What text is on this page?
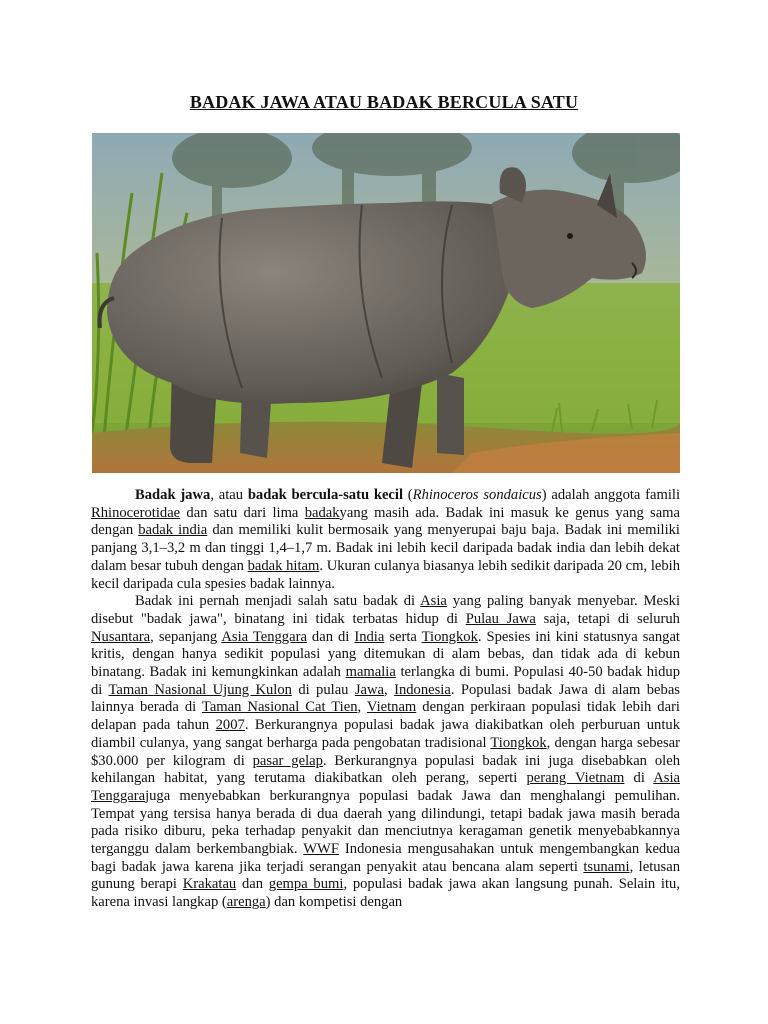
BADAK JAWA ATAU BADAK BERCULA SATU

Badak jawa, atau badak bercula-satu kecil (Rhinoceros sondaicus) adalah anggota famili Rhinocerotidae dan satu dari lima badakyang masih ada. Badak ini masuk ke genus yang sama dengan badak india dan memiliki kulit bermosaik yang menyerupai baju baja. Badak ini memiliki panjang 3,1–3,2 m dan tinggi 1,4–1,7 m. Badak ini lebih kecil daripada badak india dan lebih dekat dalam besar tubuh dengan badak hitam. Ukuran culanya biasanya lebih sedikit daripada 20 cm, lebih kecil daripada cula spesies badak lainnya.

Badak ini pernah menjadi salah satu badak di Asia yang paling banyak menyebar. Meski disebut "badak jawa", binatang ini tidak terbatas hidup di Pulau Jawa saja, tetapi di seluruh Nusantara, sepanjang Asia Tenggara dan di India serta Tiongkok. Spesies ini kini statusnya sangat kritis, dengan hanya sedikit populasi yang ditemukan di alam bebas, dan tidak ada di kebun binatang. Badak ini kemungkinkan adalah mamalia terlangka di bumi. Populasi 40-50 badak hidup di Taman Nasional Ujung Kulon di pulau Jawa, Indonesia. Populasi badak Jawa di alam bebas lainnya berada di Taman Nasional Cat Tien, Vietnam dengan perkiraan populasi tidak lebih dari delapan pada tahun 2007. Berkurangnya populasi badak jawa diakibatkan oleh perburuan untuk diambil culanya, yang sangat berharga pada pengobatan tradisional Tiongkok, dengan harga sebesar $30.000 per kilogram di pasar gelap. Berkurangnya populasi badak ini juga disebabkan oleh kehilangan habitat, yang terutama diakibatkan oleh perang, seperti perang Vietnam di Asia Tenggarajuga menyebabkan berkurangnya populasi badak Jawa dan menghalangi pemulihan. Tempat yang tersisa hanya berada di dua daerah yang dilindungi, tetapi badak jawa masih berada pada risiko diburu, peka terhadap penyakit dan menciutnya keragaman genetik menyebabkannya terganggu dalam berkembangbiak. WWF Indonesia mengusahakan untuk mengembangkan kedua bagi badak jawa karena jika terjadi serangan penyakit atau bencana alam seperti tsunami, letusan gunung berapi Krakatau dan gempa bumi, populasi badak jawa akan langsung punah. Selain itu, karena invasi langkap (arenga) dan kompetisi dengan
